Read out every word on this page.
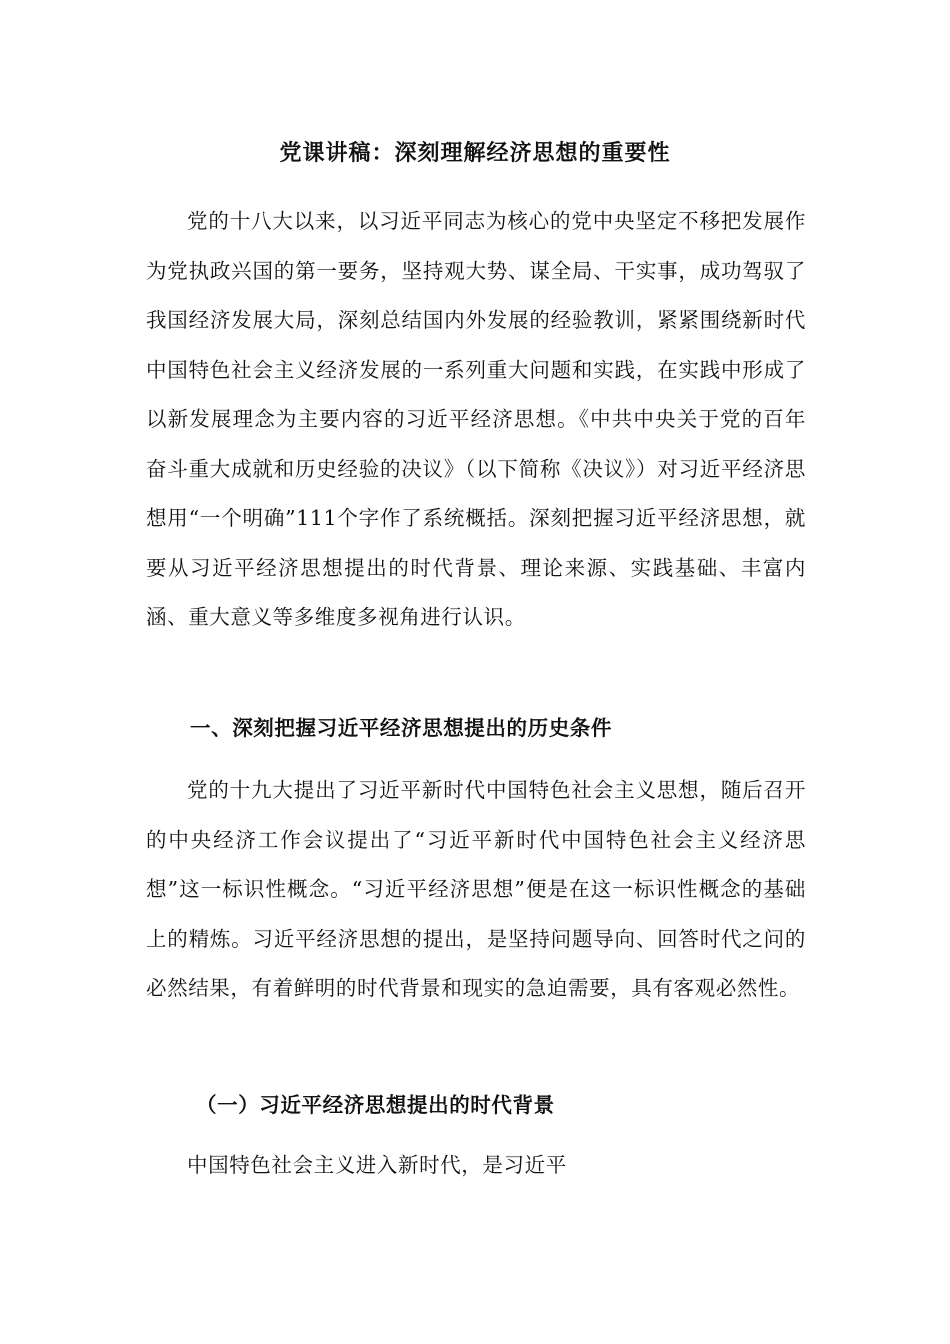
党课讲稿：深刻理解经济思想的重要性
党的十八大以来，以习近平同志为核心的党中央坚定不移把发展作为党执政兴国的第一要务，坚持观大势、谋全局、干实事，成功驾驭了我国经济发展大局，深刻总结国内外发展的经验教训，紧紧围绕新时代中国特色社会主义经济发展的一系列重大问题和实践，在实践中形成了以新发展理念为主要内容的习近平经济思想。《中共中央关于党的百年奋斗重大成就和历史经验的决议》（以下简称《决议》）对习近平经济思想用“一个明确”111个字作了系统概括。深刻把握习近平经济思想，就要从习近平经济思想提出的时代背景、理论来源、实践基础、丰富内涵、重大意义等多维度多视角进行认识。
一、深刻把握习近平经济思想提出的历史条件
党的十九大提出了习近平新时代中国特色社会主义思想，随后召开的中央经济工作会议提出了“习近平新时代中国特色社会主义经济思想”这一标识性概念。“习近平经济思想”便是在这一标识性概念的基础上的精炼。习近平经济思想的提出，是坚持问题导向、回答时代之问的必然结果，有着鲜明的时代背景和现实的急迫需要，具有客观必然性。
（一）习近平经济思想提出的时代背景
中国特色社会主义进入新时代，是习近平
